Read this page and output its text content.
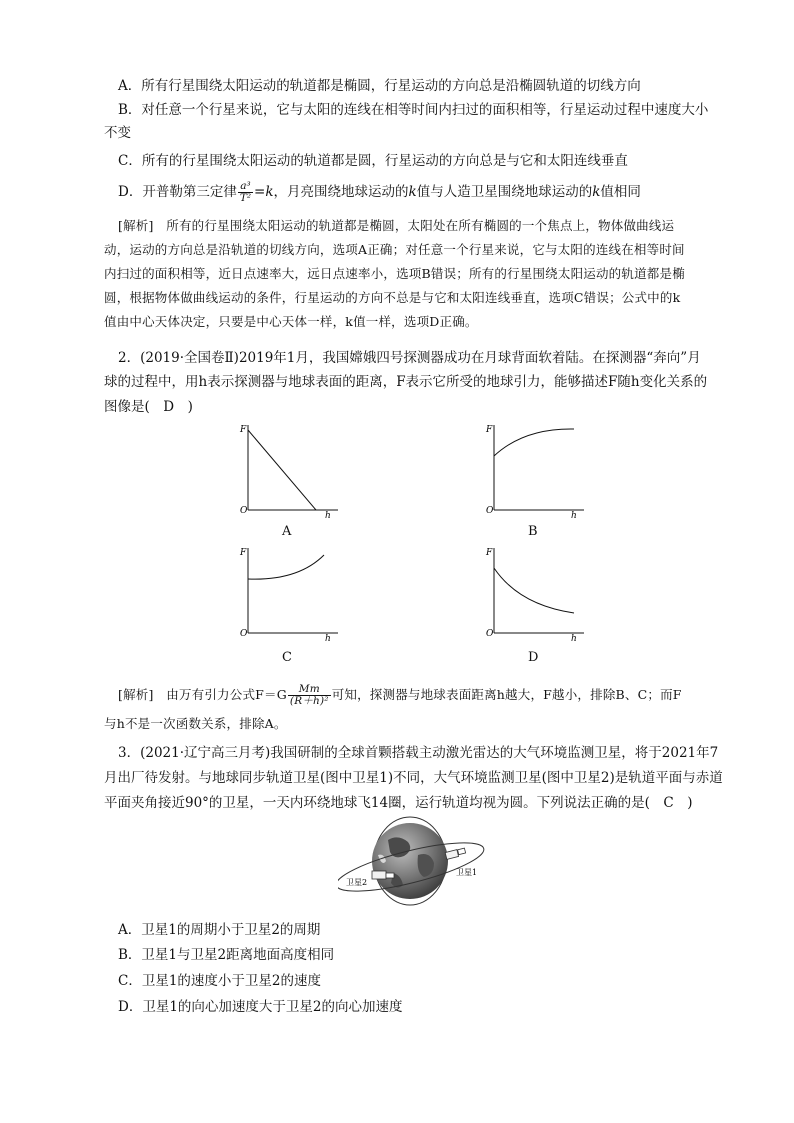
A．所有行星围绕太阳运动的轨道都是椭圆，行星运动的方向总是沿椭圆轨道的切线方向
B．对任意一个行星来说，它与太阳的连线在相等时间内扫过的面积相等，行星运动过程中速度大小
不变
C．所有的行星围绕太阳运动的轨道都是圆，行星运动的方向总是与它和太阳连线垂直
D．开普勒第三定律 $\frac{\text{a³}}{\text{T²}} =k$，月亮围绕地球运动的k值与人造卫星围绕地球运动的k值相同
[解析]　所有的行星围绕太阳运动的轨道都是椭圆，太阳处在所有椭圆的一个焦点上，物体做曲线运
动，运动的方向总是沿轨道的切线方向，选项A正确；对任意一个行星来说，它与太阳的连线在相等时间
内扫过的面积相等，近日点速率大，远日点速率小，选项B错误；所有的行星围绕太阳运动的轨道都是椭
圆，根据物体做曲线运动的条件，行星运动的方向不总是与它和太阳连线垂直，选项C错误；公式中的k
值由中心天体决定，只要是中心天体一样，k值一样，选项D正确。
2．(2019·全国卷Ⅱ)2019年1月，我国嫦娥四号探测器成功在月球背面软着陆。在探测器“奔向”月
球的过程中，用h表示探测器与地球表面的距离，F表示它所受的地球引力，能够描述F随h变化关系的
图像是(　D　)
F
O	h
A
F
O	h
B
F
O	h
C
F
O	h
D
[解析]　由万有引力公式$F=G \frac{Mm}{\text{(R＋h)²}}$ 可知，探测器与地球表面距离h越大，F越小，排除B、C；而F
与h不是一次函数关系，排除A。
3．(2021·辽宁高三月考)我国研制的全球首颗搭载主动激光雷达的大气环境监测卫星，将于2021年7
月出厂待发射。与地球同步轨道卫星(图中卫星1)不同，大气环境监测卫星(图中卫星2)是轨道平面与赤道
平面夹角接近90°的卫星，一天内环绕地球飞14圈，运行轨道均视为圆。下列说法正确的是(　C　)
卫星2
卫星1
A．卫星1的周期小于卫星2的周期
B．卫星1与卫星2距离地面高度相同
C．卫星1的速度小于卫星2的速度
D．卫星1的向心加速度大于卫星2的向心加速度
